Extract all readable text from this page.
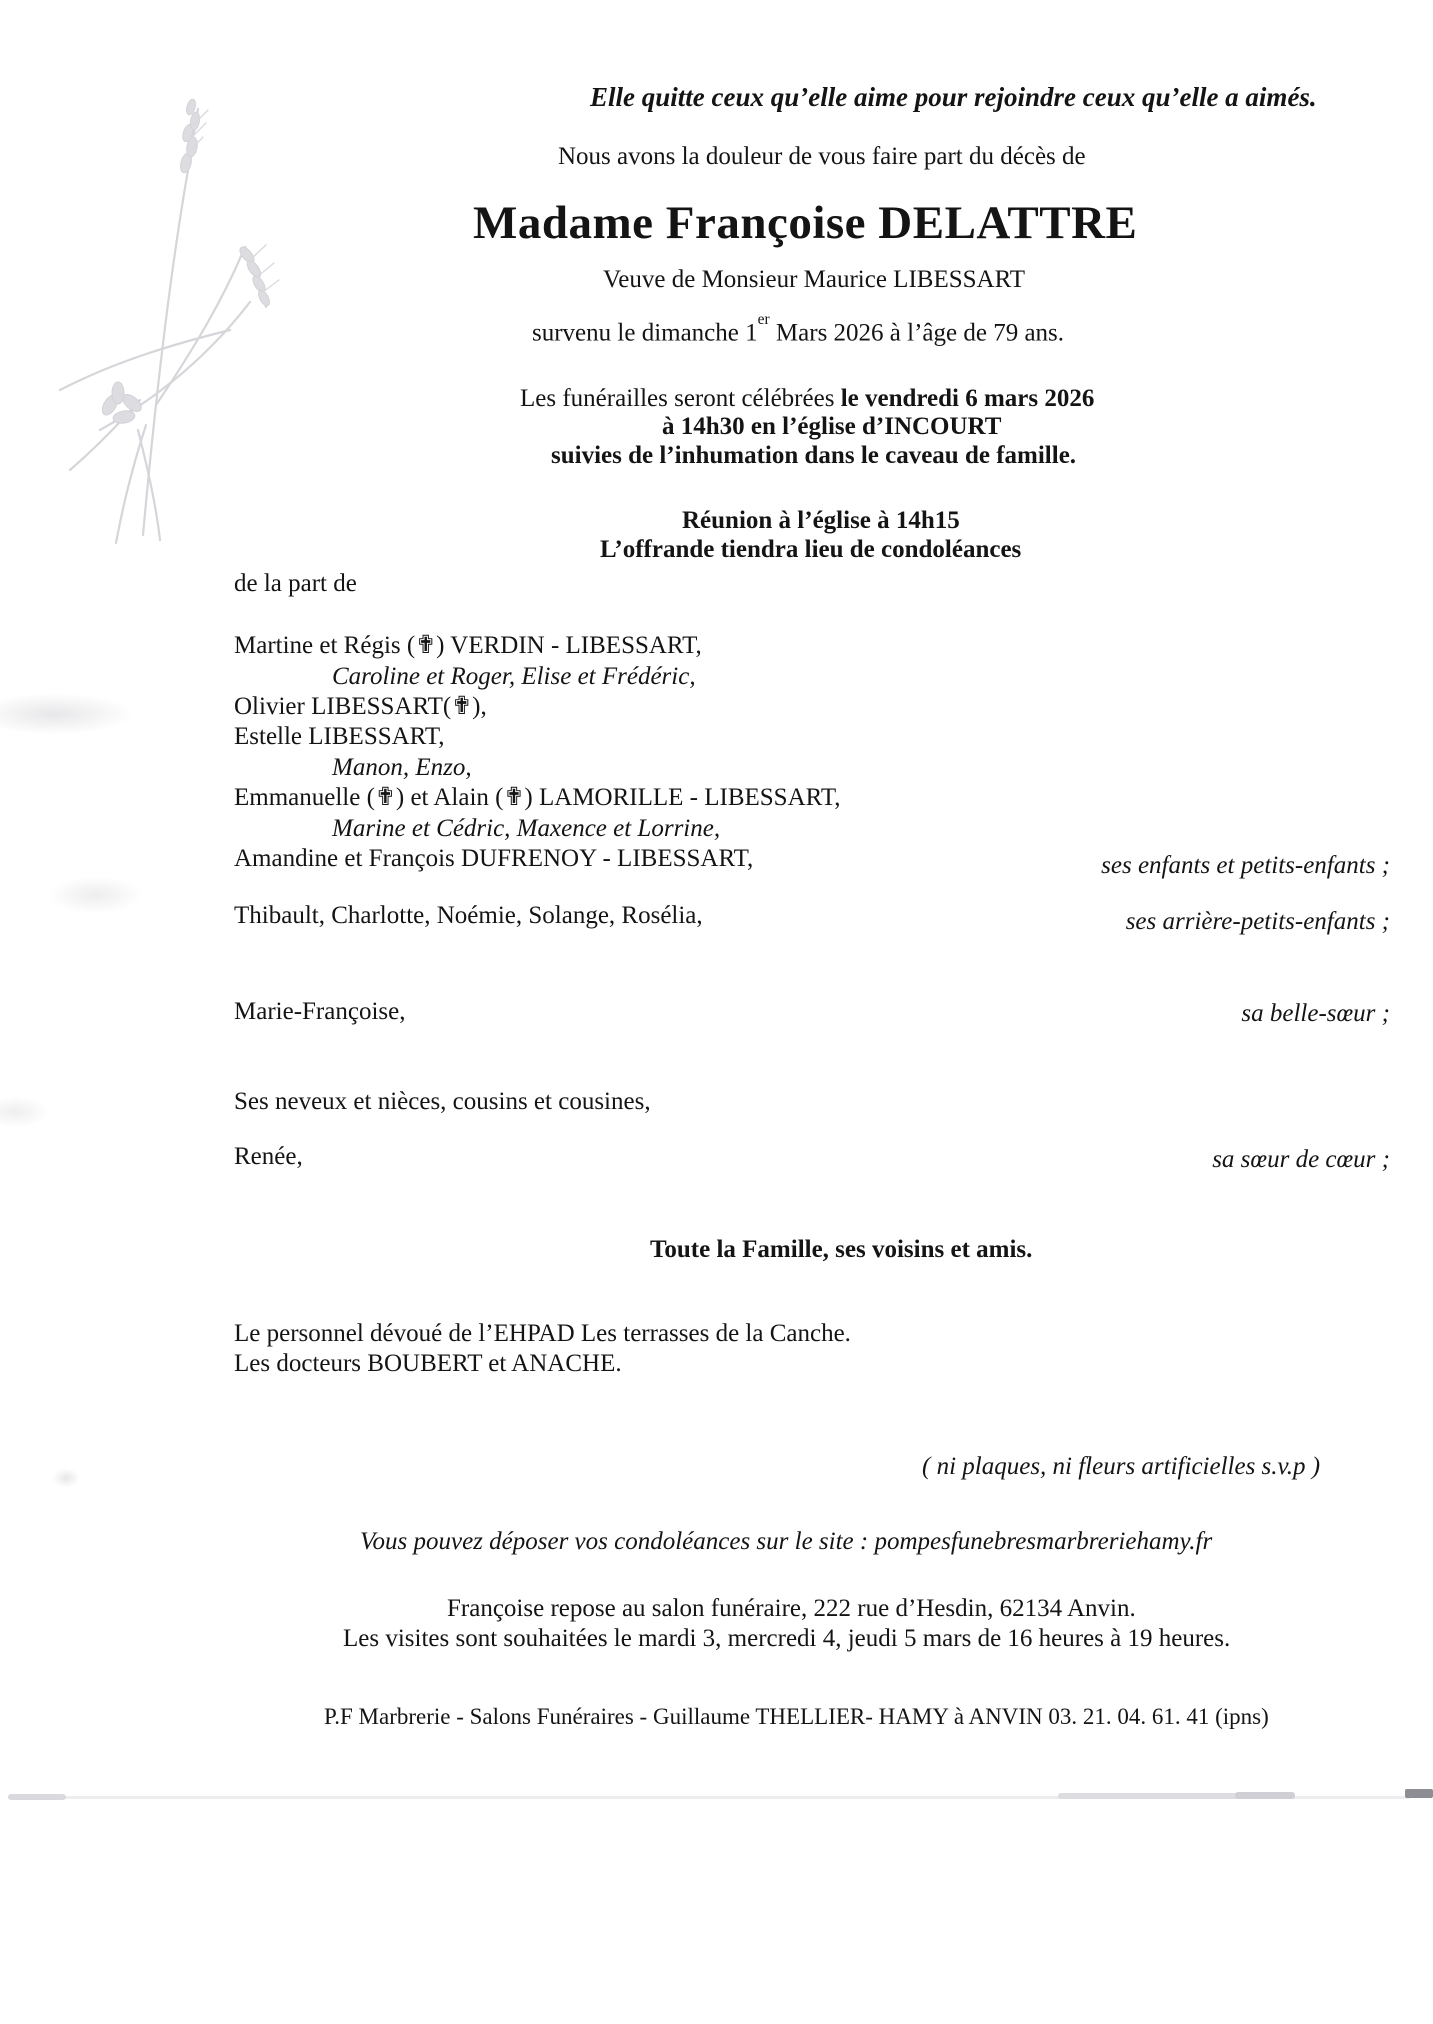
Elle quitte ceux qu’elle aime pour rejoindre ceux qu’elle a aimés.
Nous avons la douleur de vous faire part du décès de
Madame Françoise DELATTRE
Veuve de Monsieur Maurice LIBESSART
survenu le dimanche 1er Mars 2026 à l’âge de 79 ans.
Les funérailles seront célébrées le vendredi 6 mars 2026
à 14h30 en l’église d’INCOURT
suivies de l’inhumation dans le caveau de famille.
Réunion à l’église à 14h15
L’offrande tiendra lieu de condoléances
de la part de
Martine et Régis (✟) VERDIN - LIBESSART,
Caroline et Roger, Elise et Frédéric,
Olivier LIBESSART(✟),
Estelle LIBESSART,
Manon, Enzo,
Emmanuelle (✟) et Alain (✟) LAMORILLE - LIBESSART,
Marine et Cédric, Maxence et Lorrine,
Amandine et François DUFRENOY - LIBESSART,	ses enfants et petits-enfants ;
Thibault, Charlotte, Noémie, Solange, Rosélia,	ses arrière-petits-enfants ;
Marie-Françoise,	sa belle-sœur ;
Ses neveux et nièces, cousins et cousines,
Renée,	sa sœur de cœur ;
Toute la Famille, ses voisins et amis.
Le personnel dévoué de l’EHPAD Les terrasses de la Canche.
Les docteurs BOUBERT et ANACHE.
( ni plaques, ni fleurs artificielles s.v.p )
Vous pouvez déposer vos condoléances sur le site : pompesfunebresmarbreriehamy.fr
Françoise repose au salon funéraire, 222 rue d’Hesdin, 62134 Anvin.
Les visites sont souhaitées le mardi 3, mercredi 4, jeudi 5 mars de 16 heures à 19 heures.
P.F Marbrerie - Salons Funéraires - Guillaume THELLIER- HAMY à ANVIN 03. 21. 04. 61. 41 (ipns)
